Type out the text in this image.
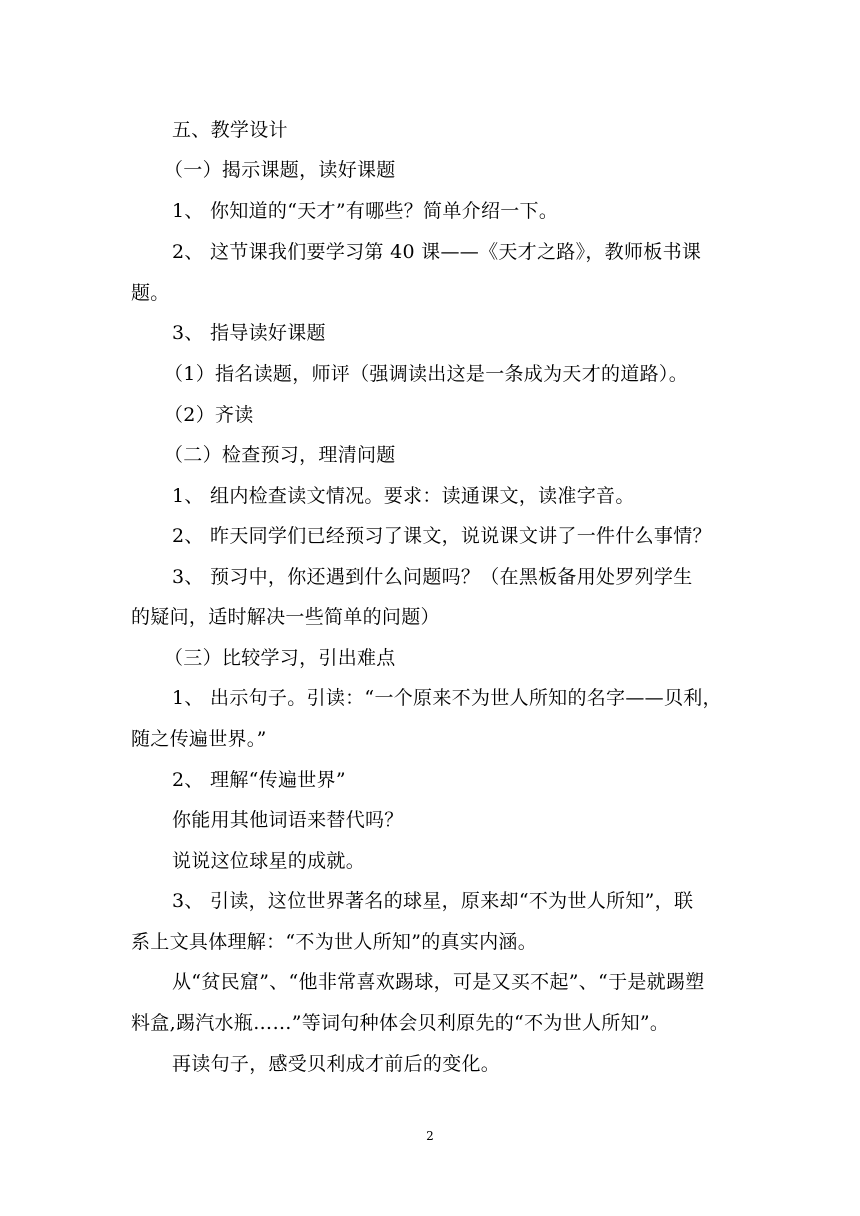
五、教学设计
（一）揭示课题，读好课题
1、 你知道的“天才”有哪些？简单介绍一下。
2、 这节课我们要学习第 40 课——《天才之路》，教师板书课
题。
3、 指导读好课题
（1）指名读题，师评（强调读出这是一条成为天才的道路）。
（2）齐读
（二）检查预习，理清问题
1、 组内检查读文情况。要求：读通课文，读准字音。
2、 昨天同学们已经预习了课文，说说课文讲了一件什么事情？
3、 预习中，你还遇到什么问题吗？（在黑板备用处罗列学生
的疑问，适时解决一些简单的问题）
（三）比较学习，引出难点
1、 出示句子。引读：“一个原来不为世人所知的名字——贝利，
随之传遍世界。”
2、 理解“传遍世界”
你能用其他词语来替代吗？
说说这位球星的成就。
3、 引读，这位世界著名的球星，原来却“不为世人所知”，联
系上文具体理解：“不为世人所知”的真实内涵。
从“贫民窟”、“他非常喜欢踢球，可是又买不起”、“于是就踢塑
料盒,踢汽水瓶……”等词句种体会贝利原先的“不为世人所知”。
再读句子，感受贝利成才前后的变化。
2
